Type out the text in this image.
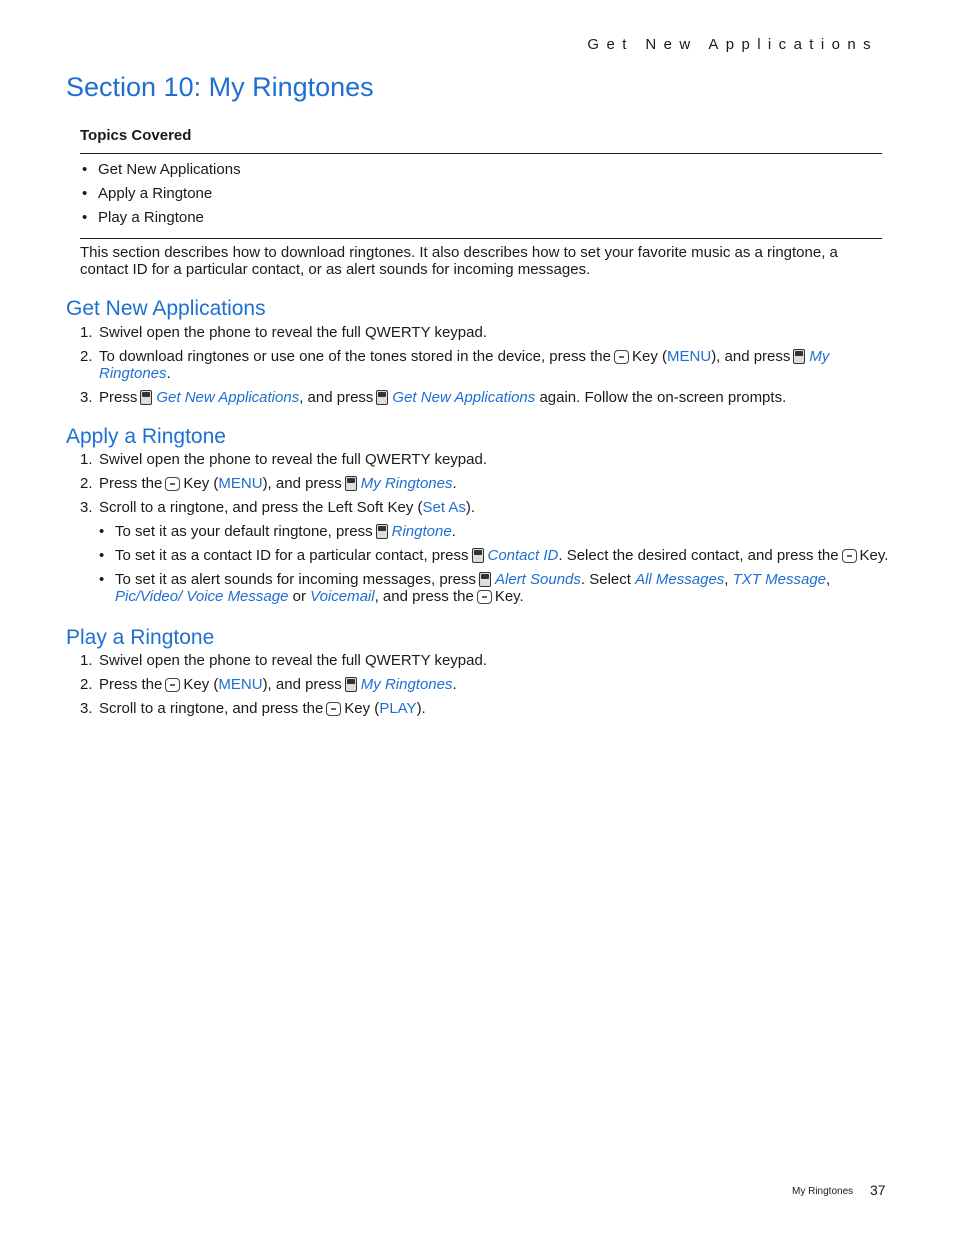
Get New Applications
Section 10: My Ringtones
Topics Covered
• Get New Applications
• Apply a Ringtone
• Play a Ringtone

This section describes how to download ringtones. It also describes how to set your favorite music as a ringtone, a contact ID for a particular contact, or as alert sounds for incoming messages.

Get New Applications
1. Swivel open the phone to reveal the full QWERTY keypad.
2. To download ringtones or use one of the tones stored in the device, press the Key (MENU), and press My Ringtones.
3. Press Get New Applications, and press Get New Applications again. Follow the on-screen prompts.
Apply a Ringtone
1. Swivel open the phone to reveal the full QWERTY keypad.
2. Press the Key (MENU), and press My Ringtones.
3. Scroll to a ringtone, and press the Left Soft Key (Set As).
• To set it as your default ringtone, press Ringtone.
• To set it as a contact ID for a particular contact, press Contact ID. Select the desired contact, and press the Key.
• To set it as alert sounds for incoming messages, press Alert Sounds. Select All Messages, TXT Message, Pic/Video/ Voice Message or Voicemail, and press the Key.
Play a Ringtone
1. Swivel open the phone to reveal the full QWERTY keypad.
2. Press the Key (MENU), and press My Ringtones.
3. Scroll to a ringtone, and press the Key (PLAY).
My Ringtones 37
